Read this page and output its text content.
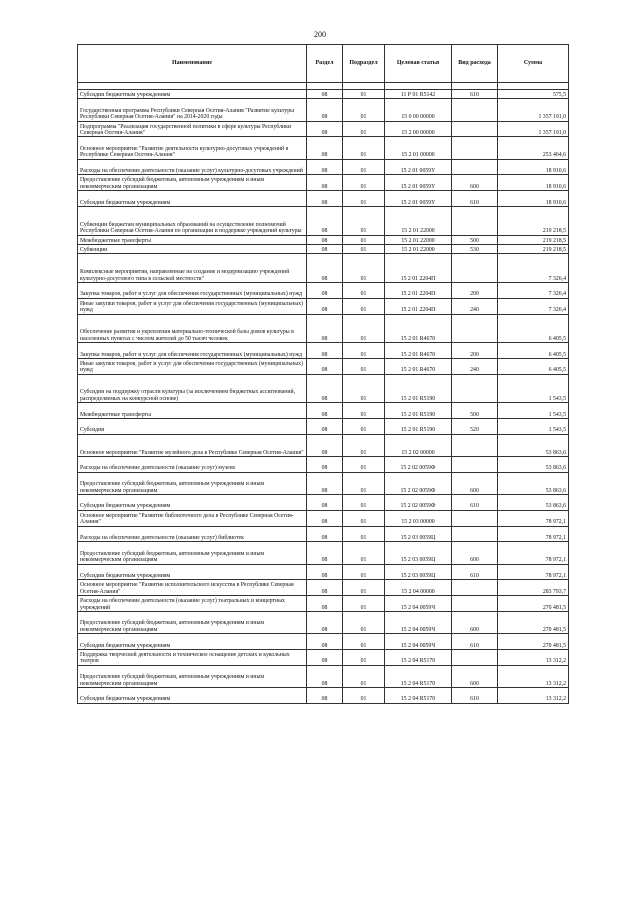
200
Наименование	Раздел	Подраздел	Целевая статья	Вид расхода	Сумма

Субсидии бюджетным учреждениям	08	01	11 Р 01 R5142	610	575,5
Государственная программа Республики Северная Осетия-Алания "Развитие культуры Республики Северная Осетия-Алания" на 2014-2020 годы	08	01	15 0 00 00000		1 357 191,0
Подпрограмма "Реализация государственной политики в сфере культуры Республики Северная Осетия-Алания"	08	01	15 2 00 00000		1 357 191,0
Основное мероприятие "Развитие деятельности культурно-досуговых учреждений в Республике Северная Осетия-Алания"	08	01	15 2 01 00000		253 464,6
Расходы на обеспечение деятельности (оказание услуг) культурно-досуговых учреждений	08	01	15 2 01 0059У		18 910,6
Предоставление субсидий бюджетным, автономным учреждениям и иным некоммерческим организациям	08	01	15 2 01 0059У	600	18 910,6
Субсидии бюджетным учреждениям	08	01	15 2 01 0059У	610	18 910,6
Субвенции бюджетам муниципальных образований на осуществление полномочий Республики Северная Осетия-Алания по организации и поддержке учреждений культуры	08	01	15 2 01 22000		219 218,5
Межбюджетные трансферты	08	01	15 2 01 22000	500	219 218,5
Субвенции	08	01	15 2 01 22000	530	219 218,5
Комплексные мероприятия, направленные на создание и модернизацию учреждений культурно-досугового типа в сельской местности"	08	01	15 2 01 2204П		7 326,4
Закупка товаров, работ и услуг для обеспечения государственных (муниципальных) нужд	08	01	15 2 01 2204П	200	7 326,4
Иные закупки товаров, работ и услуг для обеспечения государственных (муниципальных) нужд	08	01	15 2 01 2204П	240	7 326,4
Обеспечение развития и укрепления материально-технической базы домов культуры в населенных пунктах с числом жителей до 50 тысяч человек	08	01	15 2 01 R4670		6 405,5
Закупка товаров, работ и услуг для обеспечения государственных (муниципальных) нужд	08	01	15 2 01 R4670	200	6 405,5
Иные закупки товаров, работ и услуг для обеспечения государственных (муниципальных) нужд	08	01	15 2 01 R4670	240	6 405,5
Субсидии на поддержку отрасли культуры (за исключением бюджетных ассигнований, распределяемых на конкурсной основе)	08	01	15 2 01 R5190		1 543,5
Межбюджетные трансферты	08	01	15 2 01 R5190	500	1 543,5
Субсидии	08	01	15 2 01 R5190	520	1 543,5
Основное мероприятие "Развитие музейного дела в Республике Северная Осетия-Алания"	08	01	15 2 02 00000		53 863,6
Расходы на обеспечение деятельности (оказание услуг) музеев	08	01	15 2 02 0059Ф		53 863,6
Предоставление субсидий бюджетным, автономным учреждениям и иным некоммерческим организациям	08	01	15 2 02 0059Ф	600	53 863,6
Субсидии бюджетным учреждениям	08	01	15 2 02 0059Ф	610	53 863,6
Основное мероприятие "Развитие библиотечного дела в Республике Северная Осетия-Алания"	08	01	15 2 03 00000		78 972,1
Расходы на обеспечение деятельности (оказание услуг) библиотек	08	01	15 2 03 0059Ц		78 972,1
Предоставление субсидий бюджетным, автономным учреждениям и иным некоммерческим организациям	08	01	15 2 03 0059Ц	600	78 972,1
Субсидии бюджетным учреждениям	08	01	15 2 03 0059Ц	610	78 972,1
Основное мероприятие "Развитие исполнительского искусства в Республике Северная Осетия-Алания"	08	01	15 2 04 00000		283 793,7
Расходы на обеспечение деятельности (оказание услуг) театральных и концертных учреждений	08	01	15 2 04 0059Ч		270 481,5
Предоставление субсидий бюджетным, автономным учреждениям и иным некоммерческим организациям	08	01	15 2 04 0059Ч	600	270 481,5
Субсидии бюджетным учреждениям	08	01	15 2 04 0059Ч	610	270 481,5
Поддержка творческой деятельности и техническое оснащение детских и кукольных театров	08	01	15 2 04 R5170		13 312,2
Предоставление субсидий бюджетным, автономным учреждениям и иным некоммерческим организациям	08	01	15 2 04 R5170	600	13 312,2
Субсидии бюджетным учреждениям	08	01	15 2 04 R5170	610	13 312,2
